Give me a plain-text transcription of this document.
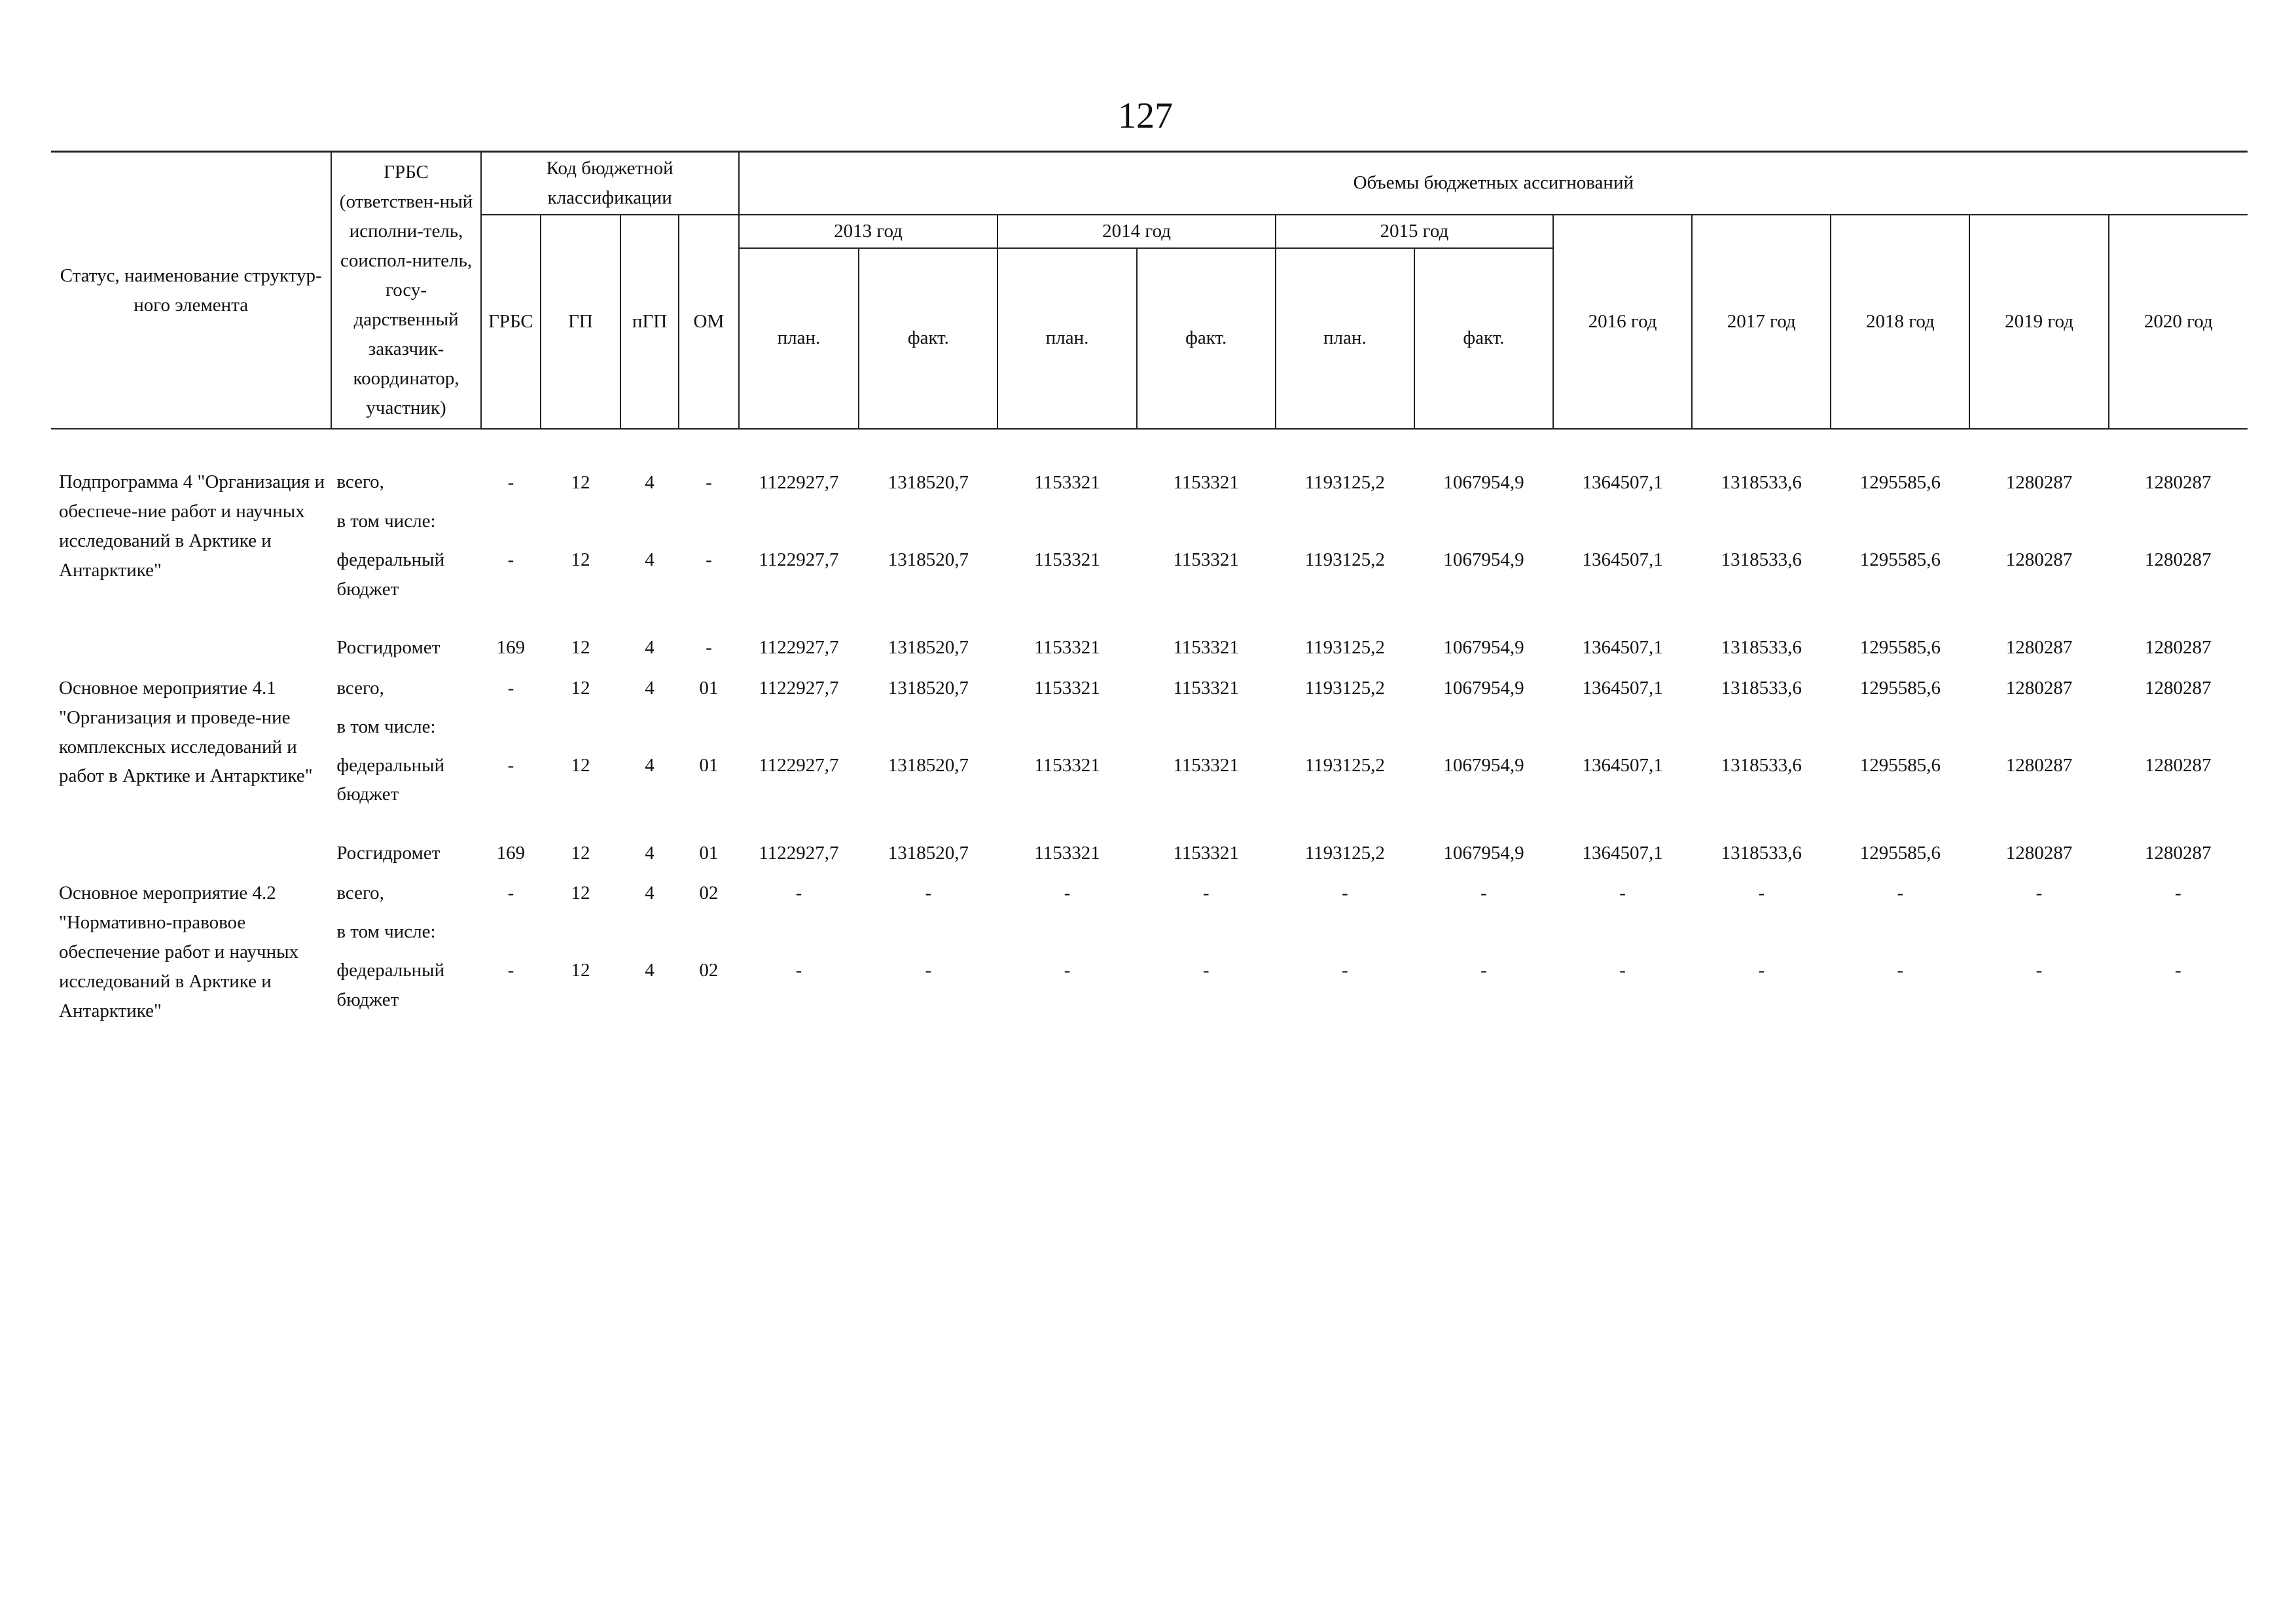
127
Статус, наименование структур-ного элемента	ГРБС (ответствен-ный исполни-тель, соиспол-нитель, госу-дарственный заказчик-координатор, участник)	Код бюджетной классификации				Объемы бюджетных ассигнований										
		ГРБС	ГП	пГП	ОМ	2013 год		2014 год		2015 год		2016 год	2017 год	2018 год	2019 год	2020 год
						план.	факт.	план.	факт.	план.	факт.					

Подпрограмма 4 "Организация и обеспече-ние работ и научных исследований в Арктике и Антарктике"	всего,	-	12	4	-	1122927,7	1318520,7	1153321	1153321	1193125,2	1067954,9	1364507,1	1318533,6	1295585,6	1280287	1280287
	в том числе:															
	федеральный бюджет	-	12	4	-	1122927,7	1318520,7	1153321	1153321	1193125,2	1067954,9	1364507,1	1318533,6	1295585,6	1280287	1280287
	Росгидромет	169	12	4	-	1122927,7	1318520,7	1153321	1153321	1193125,2	1067954,9	1364507,1	1318533,6	1295585,6	1280287	1280287
Основное мероприятие 4.1 "Организация и проведе-ние комплексных исследований и работ в Арктике и Антарктике"	всего,	-	12	4	01	1122927,7	1318520,7	1153321	1153321	1193125,2	1067954,9	1364507,1	1318533,6	1295585,6	1280287	1280287
	в том числе:															
	федеральный бюджет	-	12	4	01	1122927,7	1318520,7	1153321	1153321	1193125,2	1067954,9	1364507,1	1318533,6	1295585,6	1280287	1280287
	Росгидромет	169	12	4	01	1122927,7	1318520,7	1153321	1153321	1193125,2	1067954,9	1364507,1	1318533,6	1295585,6	1280287	1280287
Основное мероприятие 4.2 "Нормативно-правовое обеспечение работ и научных исследований в Арктике и Антарктике"	всего,	-	12	4	02	-	-	-	-	-	-	-	-	-	-	-
	в том числе:															
	федеральный бюджет	-	12	4	02	-	-	-	-	-	-	-	-	-	-	-
